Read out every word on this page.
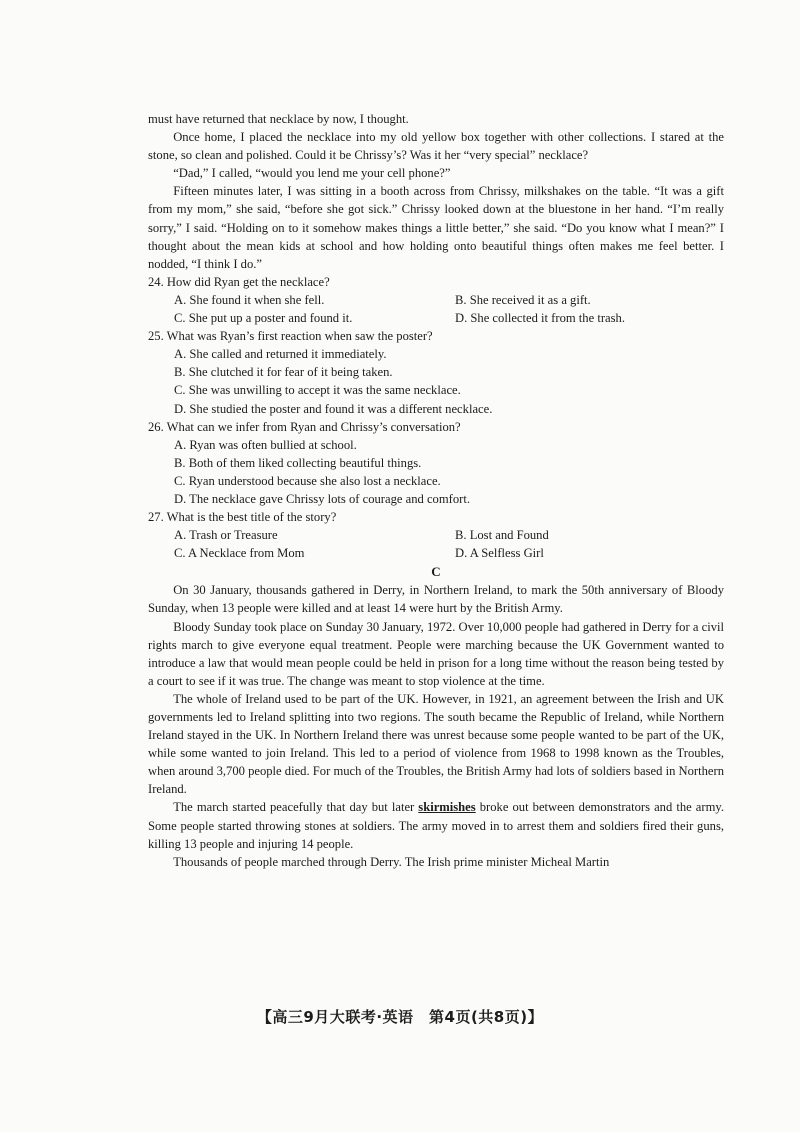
must have returned that necklace by now, I thought.

Once home, I placed the necklace into my old yellow box together with other collections. I stared at the stone, so clean and polished. Could it be Chrissy’s? Was it her “very special” necklace?

“Dad,” I called, “would you lend me your cell phone?”

Fifteen minutes later, I was sitting in a booth across from Chrissy, milkshakes on the table. “It was a gift from my mom,” she said, “before she got sick.” Chrissy looked down at the bluestone in her hand. “I’m really sorry,” I said. “Holding on to it somehow makes things a little better,” she said. “Do you know what I mean?” I thought about the mean kids at school and how holding onto beautiful things often makes me feel better. I nodded, “I think I do.”

24. How did Ryan get the necklace?
A. She found it when she fell.	B. She received it as a gift.
C. She put up a poster and found it.	D. She collected it from the trash.
25. What was Ryan’s first reaction when saw the poster?
A. She called and returned it immediately.
B. She clutched it for fear of it being taken.
C. She was unwilling to accept it was the same necklace.
D. She studied the poster and found it was a different necklace.
26. What can we infer from Ryan and Chrissy’s conversation?
A. Ryan was often bullied at school.
B. Both of them liked collecting beautiful things.
C. Ryan understood because she also lost a necklace.
D. The necklace gave Chrissy lots of courage and comfort.
27. What is the best title of the story?
A. Trash or Treasure	B. Lost and Found
C. A Necklace from Mom	D. A Selfless Girl
C

On 30 January, thousands gathered in Derry, in Northern Ireland, to mark the 50th anniversary of Bloody Sunday, when 13 people were killed and at least 14 were hurt by the British Army.

Bloody Sunday took place on Sunday 30 January, 1972. Over 10,000 people had gathered in Derry for a civil rights march to give everyone equal treatment. People were marching because the UK Government wanted to introduce a law that would mean people could be held in prison for a long time without the reason being tested by a court to see if it was true. The change was meant to stop violence at the time.

The whole of Ireland used to be part of the UK. However, in 1921, an agreement between the Irish and UK governments led to Ireland splitting into two regions. The south became the Republic of Ireland, while Northern Ireland stayed in the UK. In Northern Ireland there was unrest because some people wanted to be part of the UK, while some wanted to join Ireland. This led to a period of violence from 1968 to 1998 known as the Troubles, when around 3,700 people died. For much of the Troubles, the British Army had lots of soldiers based in Northern Ireland.

The march started peacefully that day but later skirmishes broke out between demonstrators and the army. Some people started throwing stones at soldiers. The army moved in to arrest them and soldiers fired their guns, killing 13 people and injuring 14 people.

Thousands of people marched through Derry. The Irish prime minister Micheal Martin

【高三9月大联考·英语　第4页(共8页)】
